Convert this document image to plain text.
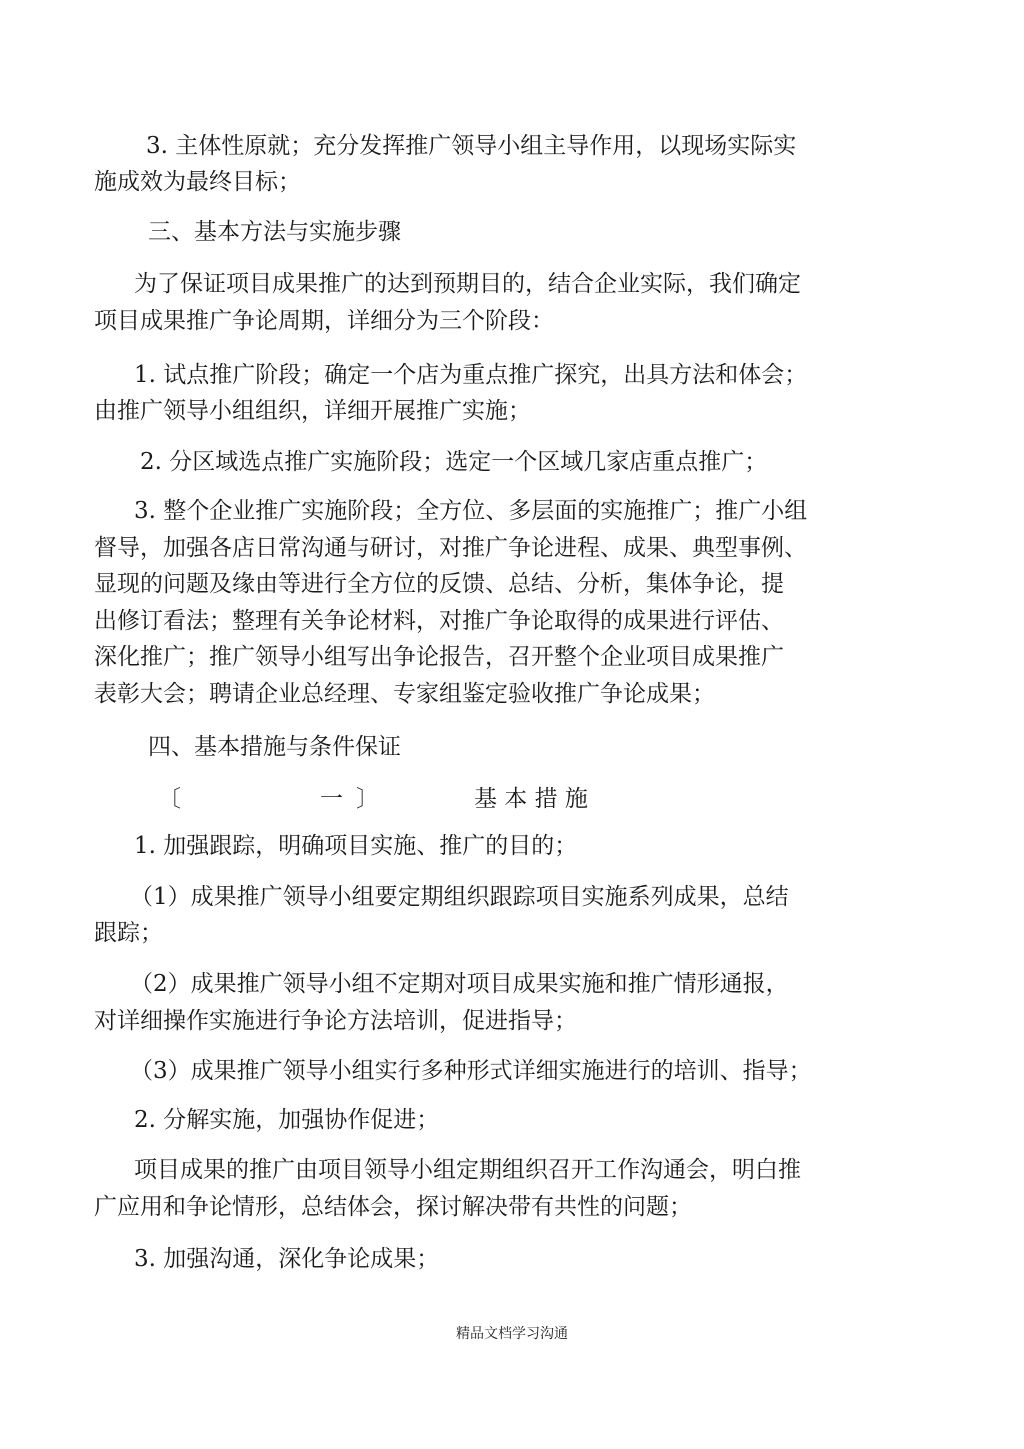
3. 主体性原就；充分发挥推广领导小组主导作用，以现场实际实
施成效为最终目标；
三、基本方法与实施步骤
为了保证项目成果推广的达到预期目的，结合企业实际，我们确定
项目成果推广争论周期，详细分为三个阶段：
1. 试点推广阶段；确定一个店为重点推广探究，出具方法和体会；
由推广领导小组组织，详细开展推广实施；
2. 分区域选点推广实施阶段；选定一个区域几家店重点推广；
3. 整个企业推广实施阶段；全方位、多层面的实施推广；推广小组
督导，加强各店日常沟通与研讨，对推广争论进程、成果、典型事例、
显现的问题及缘由等进行全方位的反馈、总结、分析，集体争论，提
出修订看法；整理有关争论材料，对推广争论取得的成果进行评估、
深化推广；推广领导小组写出争论报告，召开整个企业项目成果推广
表彰大会；聘请企业总经理、专家组鉴定验收推广争论成果；
四、基本措施与条件保证
〔	一 〕	基 本 措 施
1. 加强跟踪，明确项目实施、推广的目的；
（1）成果推广领导小组要定期组织跟踪项目实施系列成果，总结
跟踪；
（2）成果推广领导小组不定期对项目成果实施和推广情形通报，
对详细操作实施进行争论方法培训，促进指导；
（3）成果推广领导小组实行多种形式详细实施进行的培训、指导；
2. 分解实施，加强协作促进；
项目成果的推广由项目领导小组定期组织召开工作沟通会，明白推
广应用和争论情形，总结体会，探讨解决带有共性的问题；
3. 加强沟通，深化争论成果；
精品文档学习沟通
